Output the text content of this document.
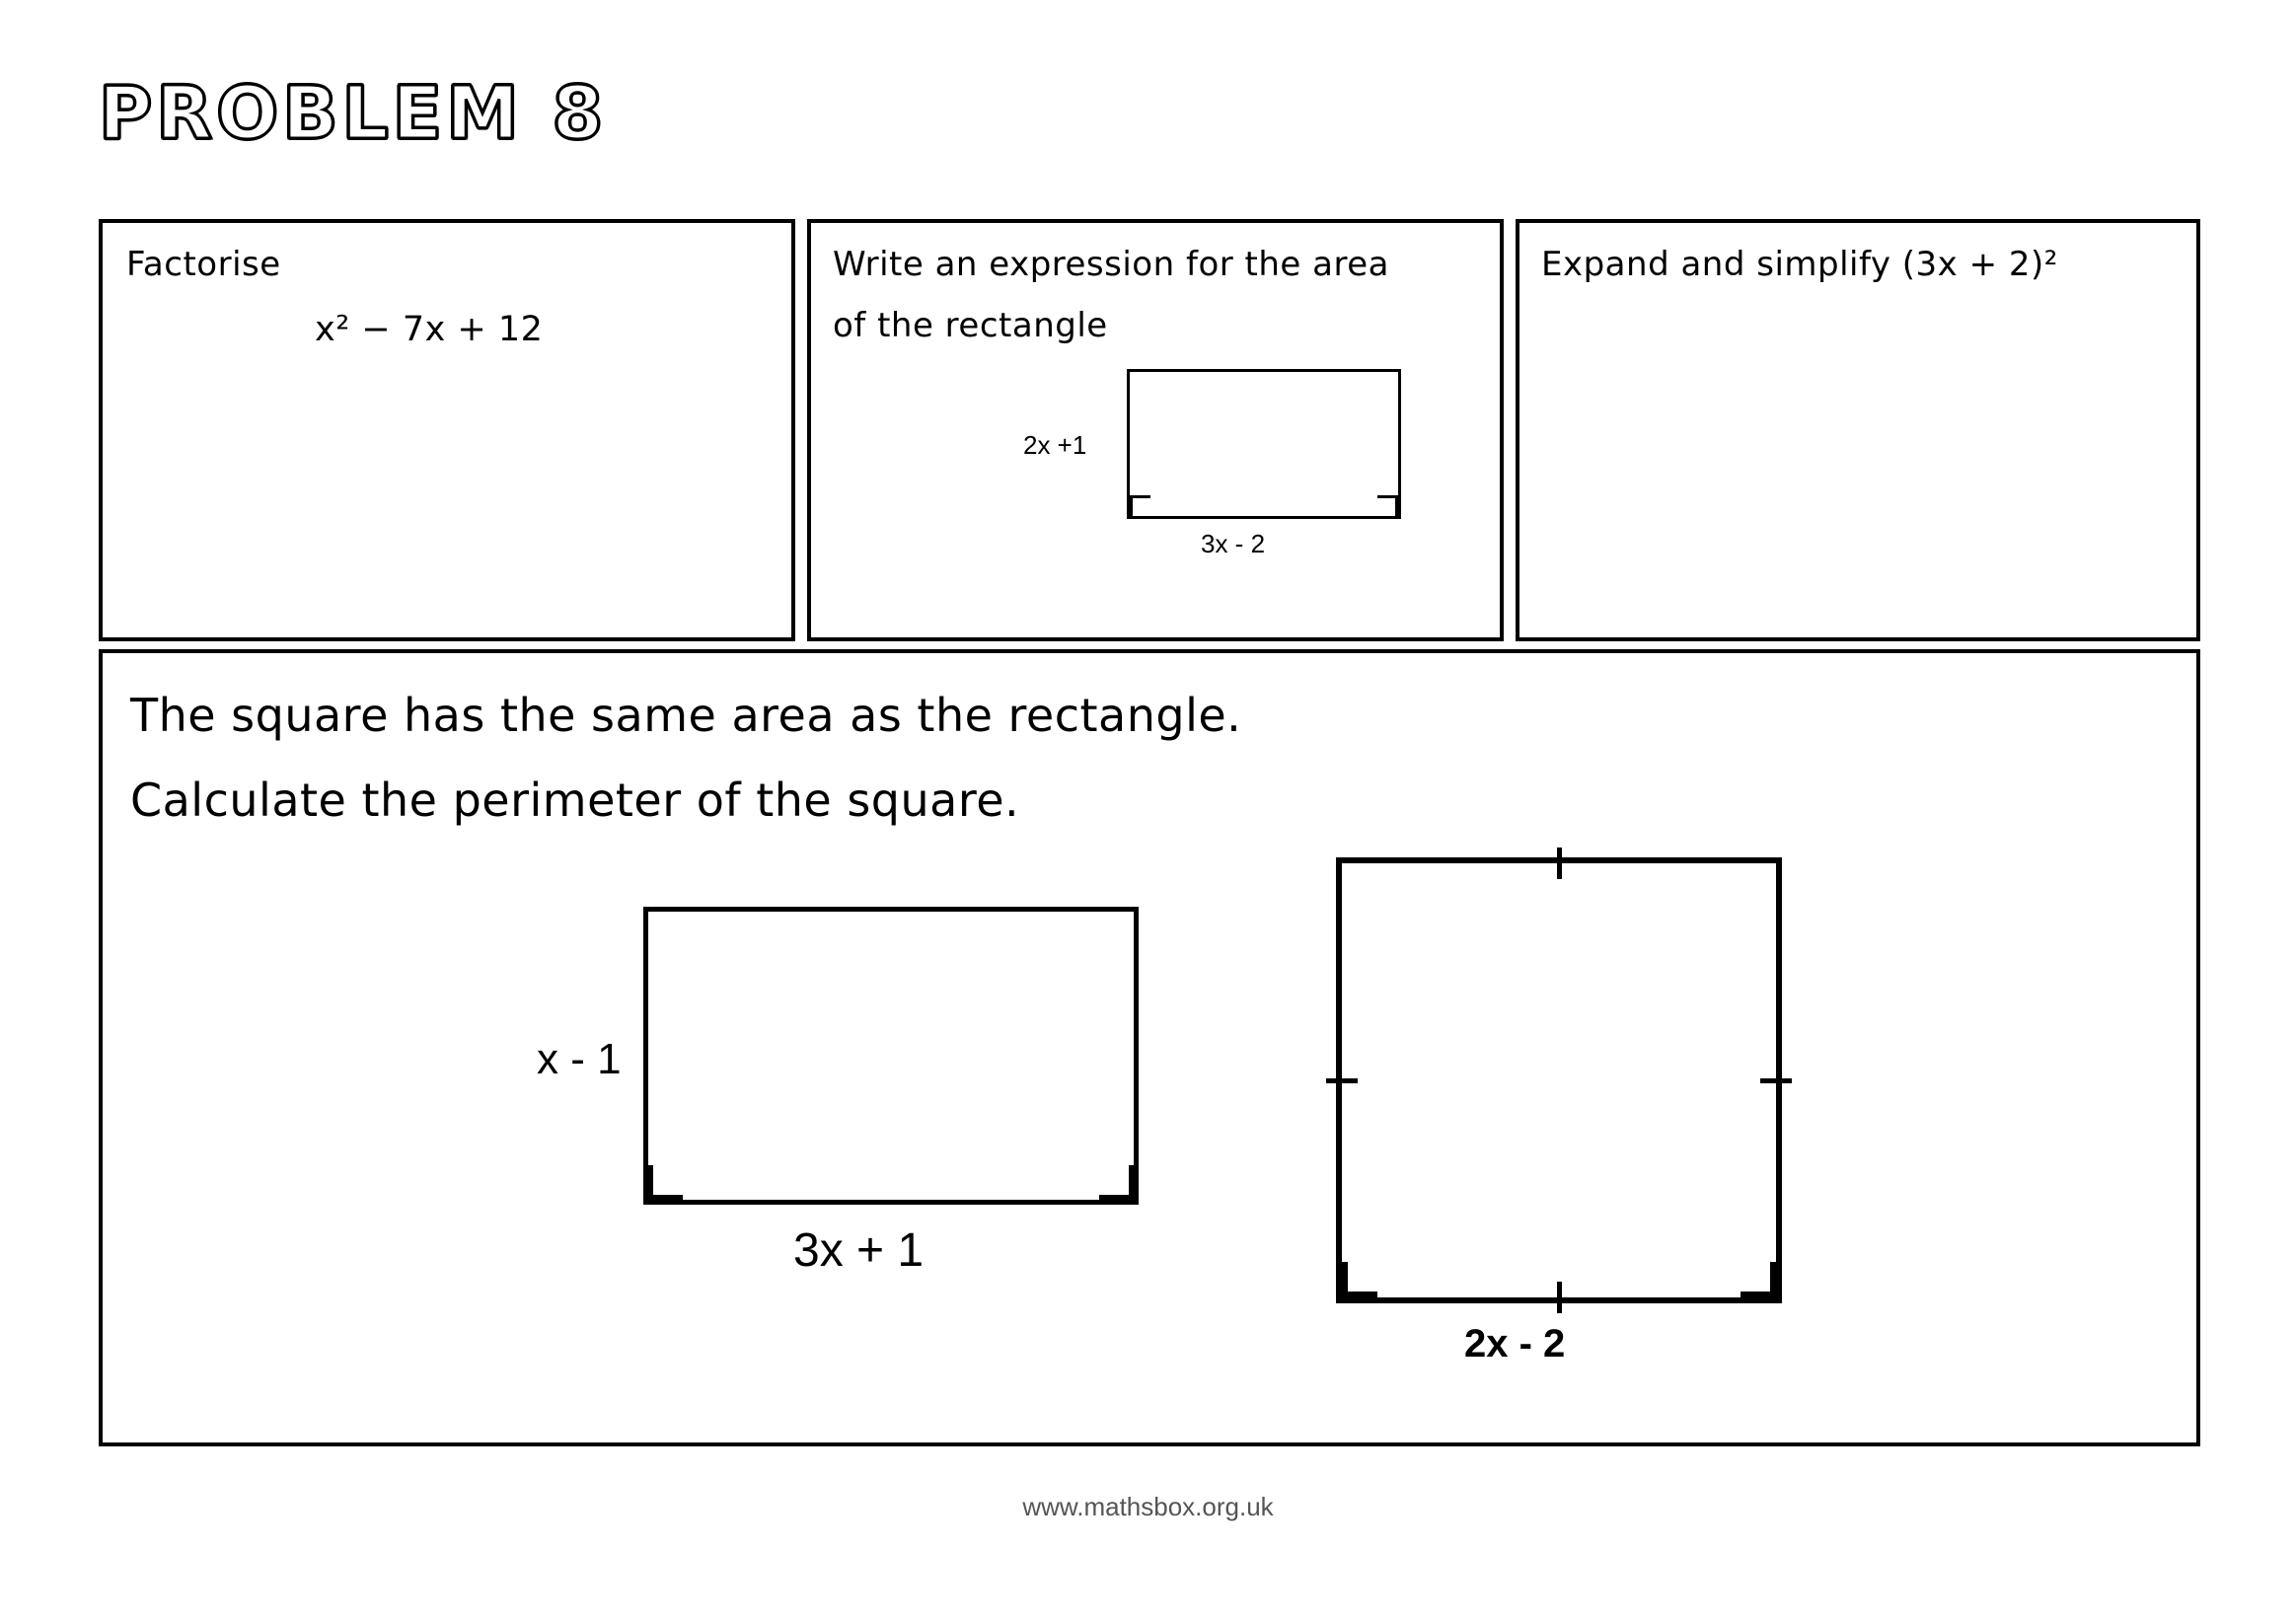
PROBLEM 8
Factorise
x² − 7x + 12
Write an expression for the area
of the rectangle
2x +1
3x - 2
Expand and simplify (3x + 2)²
The square has the same area as the rectangle.
Calculate the perimeter of the square.
x - 1
3x + 1
2x - 2
www.mathsbox.org.uk
